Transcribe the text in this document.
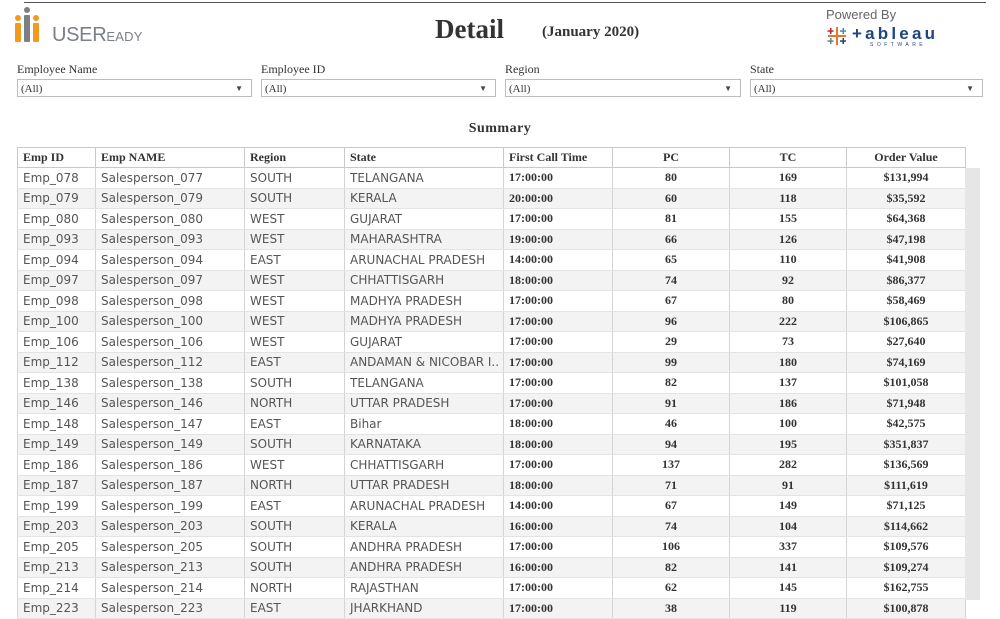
USEREADY	Detail	(January 2020)
Powered By
+ableau
SOFTWARE
Employee Name
(All)	▼
Employee ID
(All)	▼
Region
(All)	▼
State
(All)	▼
Summary
Emp ID	Emp NAME	Region	State	First Call Time	PC	TC	Order Value
Emp_078	Salesperson_077	SOUTH	TELANGANA	17:00:00	80	169	$131,994
Emp_079	Salesperson_079	SOUTH	KERALA	20:00:00	60	118	$35,592
Emp_080	Salesperson_080	WEST	GUJARAT	17:00:00	81	155	$64,368
Emp_093	Salesperson_093	WEST	MAHARASHTRA	19:00:00	66	126	$47,198
Emp_094	Salesperson_094	EAST	ARUNACHAL PRADESH	14:00:00	65	110	$41,908
Emp_097	Salesperson_097	WEST	CHHATTISGARH	18:00:00	74	92	$86,377
Emp_098	Salesperson_098	WEST	MADHYA PRADESH	17:00:00	67	80	$58,469
Emp_100	Salesperson_100	WEST	MADHYA PRADESH	17:00:00	96	222	$106,865
Emp_106	Salesperson_106	WEST	GUJARAT	17:00:00	29	73	$27,640
Emp_112	Salesperson_112	EAST	ANDAMAN & NICOBAR I..	17:00:00	99	180	$74,169
Emp_138	Salesperson_138	SOUTH	TELANGANA	17:00:00	82	137	$101,058
Emp_146	Salesperson_146	NORTH	UTTAR PRADESH	17:00:00	91	186	$71,948
Emp_148	Salesperson_147	EAST	Bihar	18:00:00	46	100	$42,575
Emp_149	Salesperson_149	SOUTH	KARNATAKA	18:00:00	94	195	$351,837
Emp_186	Salesperson_186	WEST	CHHATTISGARH	17:00:00	137	282	$136,569
Emp_187	Salesperson_187	NORTH	UTTAR PRADESH	18:00:00	71	91	$111,619
Emp_199	Salesperson_199	EAST	ARUNACHAL PRADESH	14:00:00	67	149	$71,125
Emp_203	Salesperson_203	SOUTH	KERALA	16:00:00	74	104	$114,662
Emp_205	Salesperson_205	SOUTH	ANDHRA PRADESH	17:00:00	106	337	$109,576
Emp_213	Salesperson_213	SOUTH	ANDHRA PRADESH	16:00:00	82	141	$109,274
Emp_214	Salesperson_214	NORTH	RAJASTHAN	17:00:00	62	145	$162,755
Emp_223	Salesperson_223	EAST	JHARKHAND	17:00:00	38	119	$100,878
